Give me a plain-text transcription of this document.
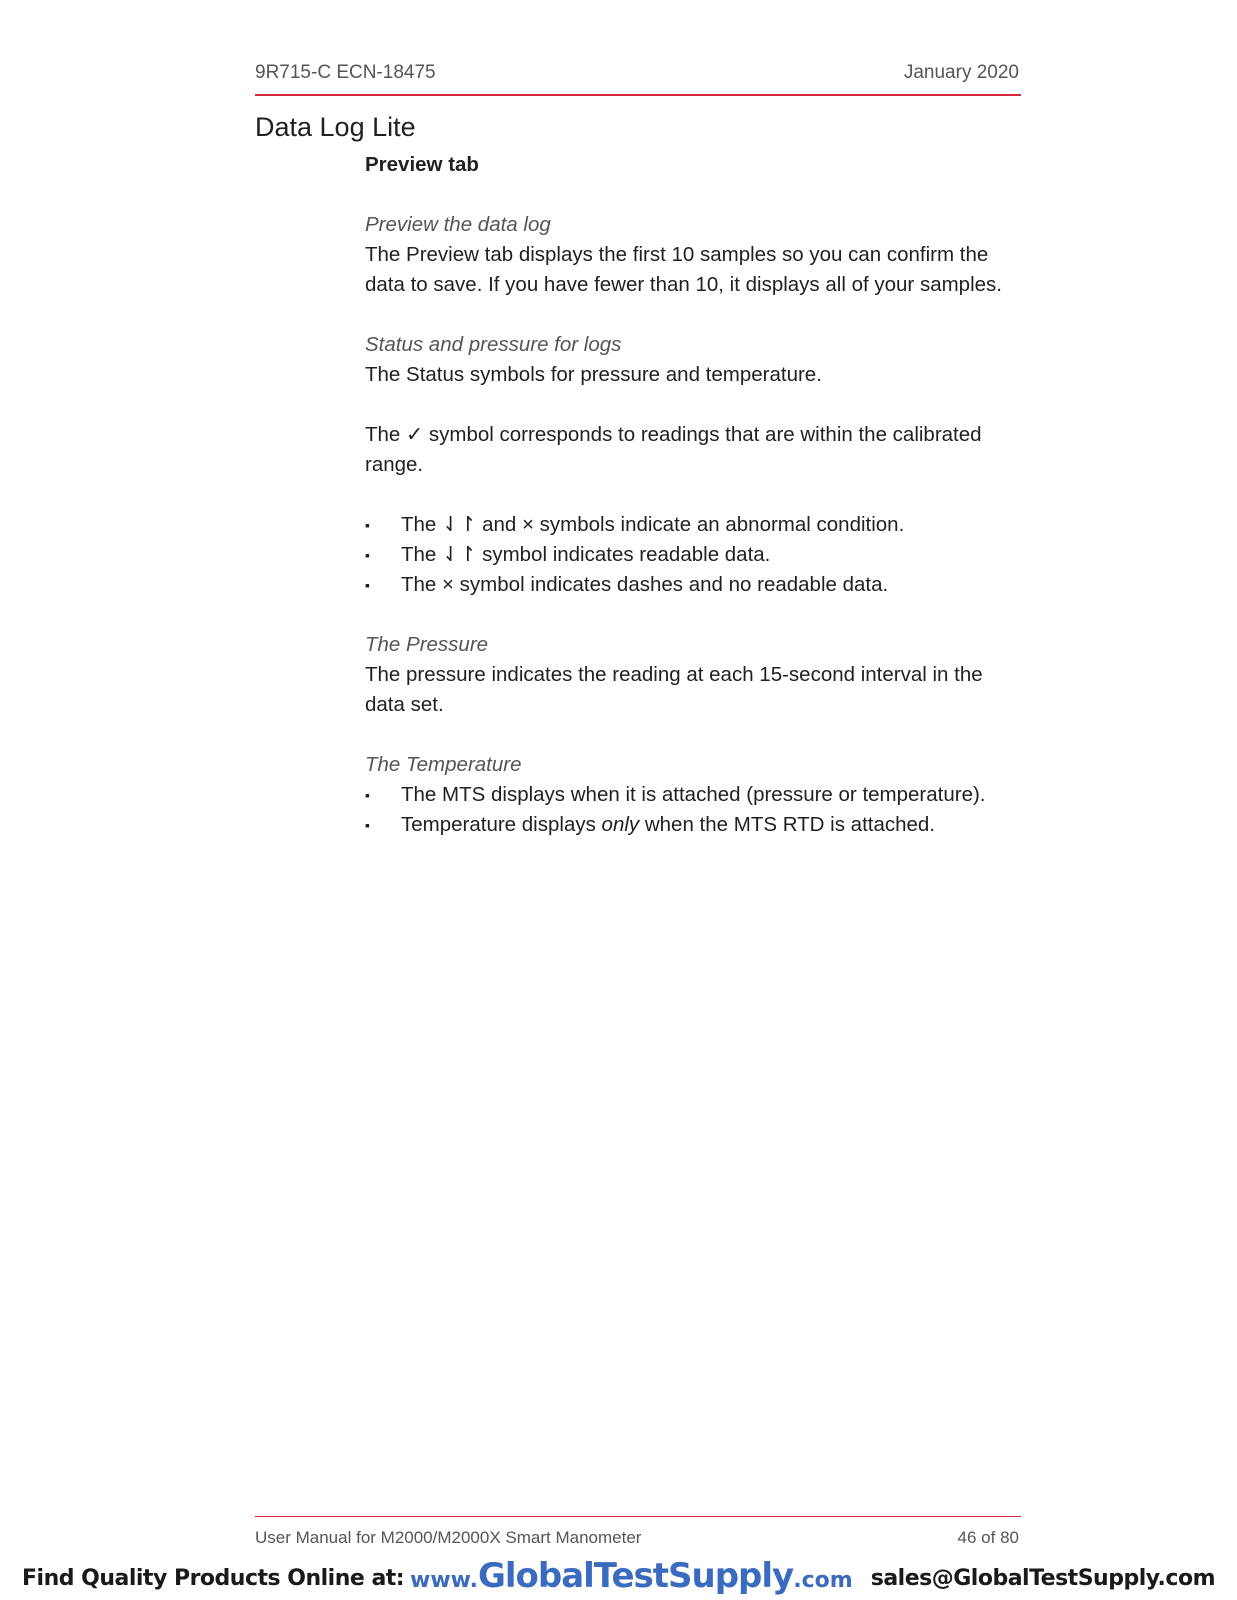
9R715-C ECN-18475	January 2020
Data Log Lite

Preview tab

Preview the data log

The Preview tab displays the first 10 samples so you can confirm the data to save. If you have fewer than 10, it displays all of your samples.

Status and pressure for logs

The Status symbols for pressure and temperature.

The ✓ symbol corresponds to readings that are within the calibrated range.

▪ The ⇃↾ and × symbols indicate an abnormal condition.
▪ The ⇃↾ symbol indicates readable data.
▪ The × symbol indicates dashes and no readable data.

The Pressure

The pressure indicates the reading at each 15-second interval in the data set.

The Temperature

▪ The MTS displays when it is attached (pressure or temperature).
▪ Temperature displays only when the MTS RTD is attached.
User Manual for M2000/M2000X Smart Manometer	46 of 80
Find Quality Products Online at: www.GlobalTestSupply.com sales@GlobalTestSupply.com
